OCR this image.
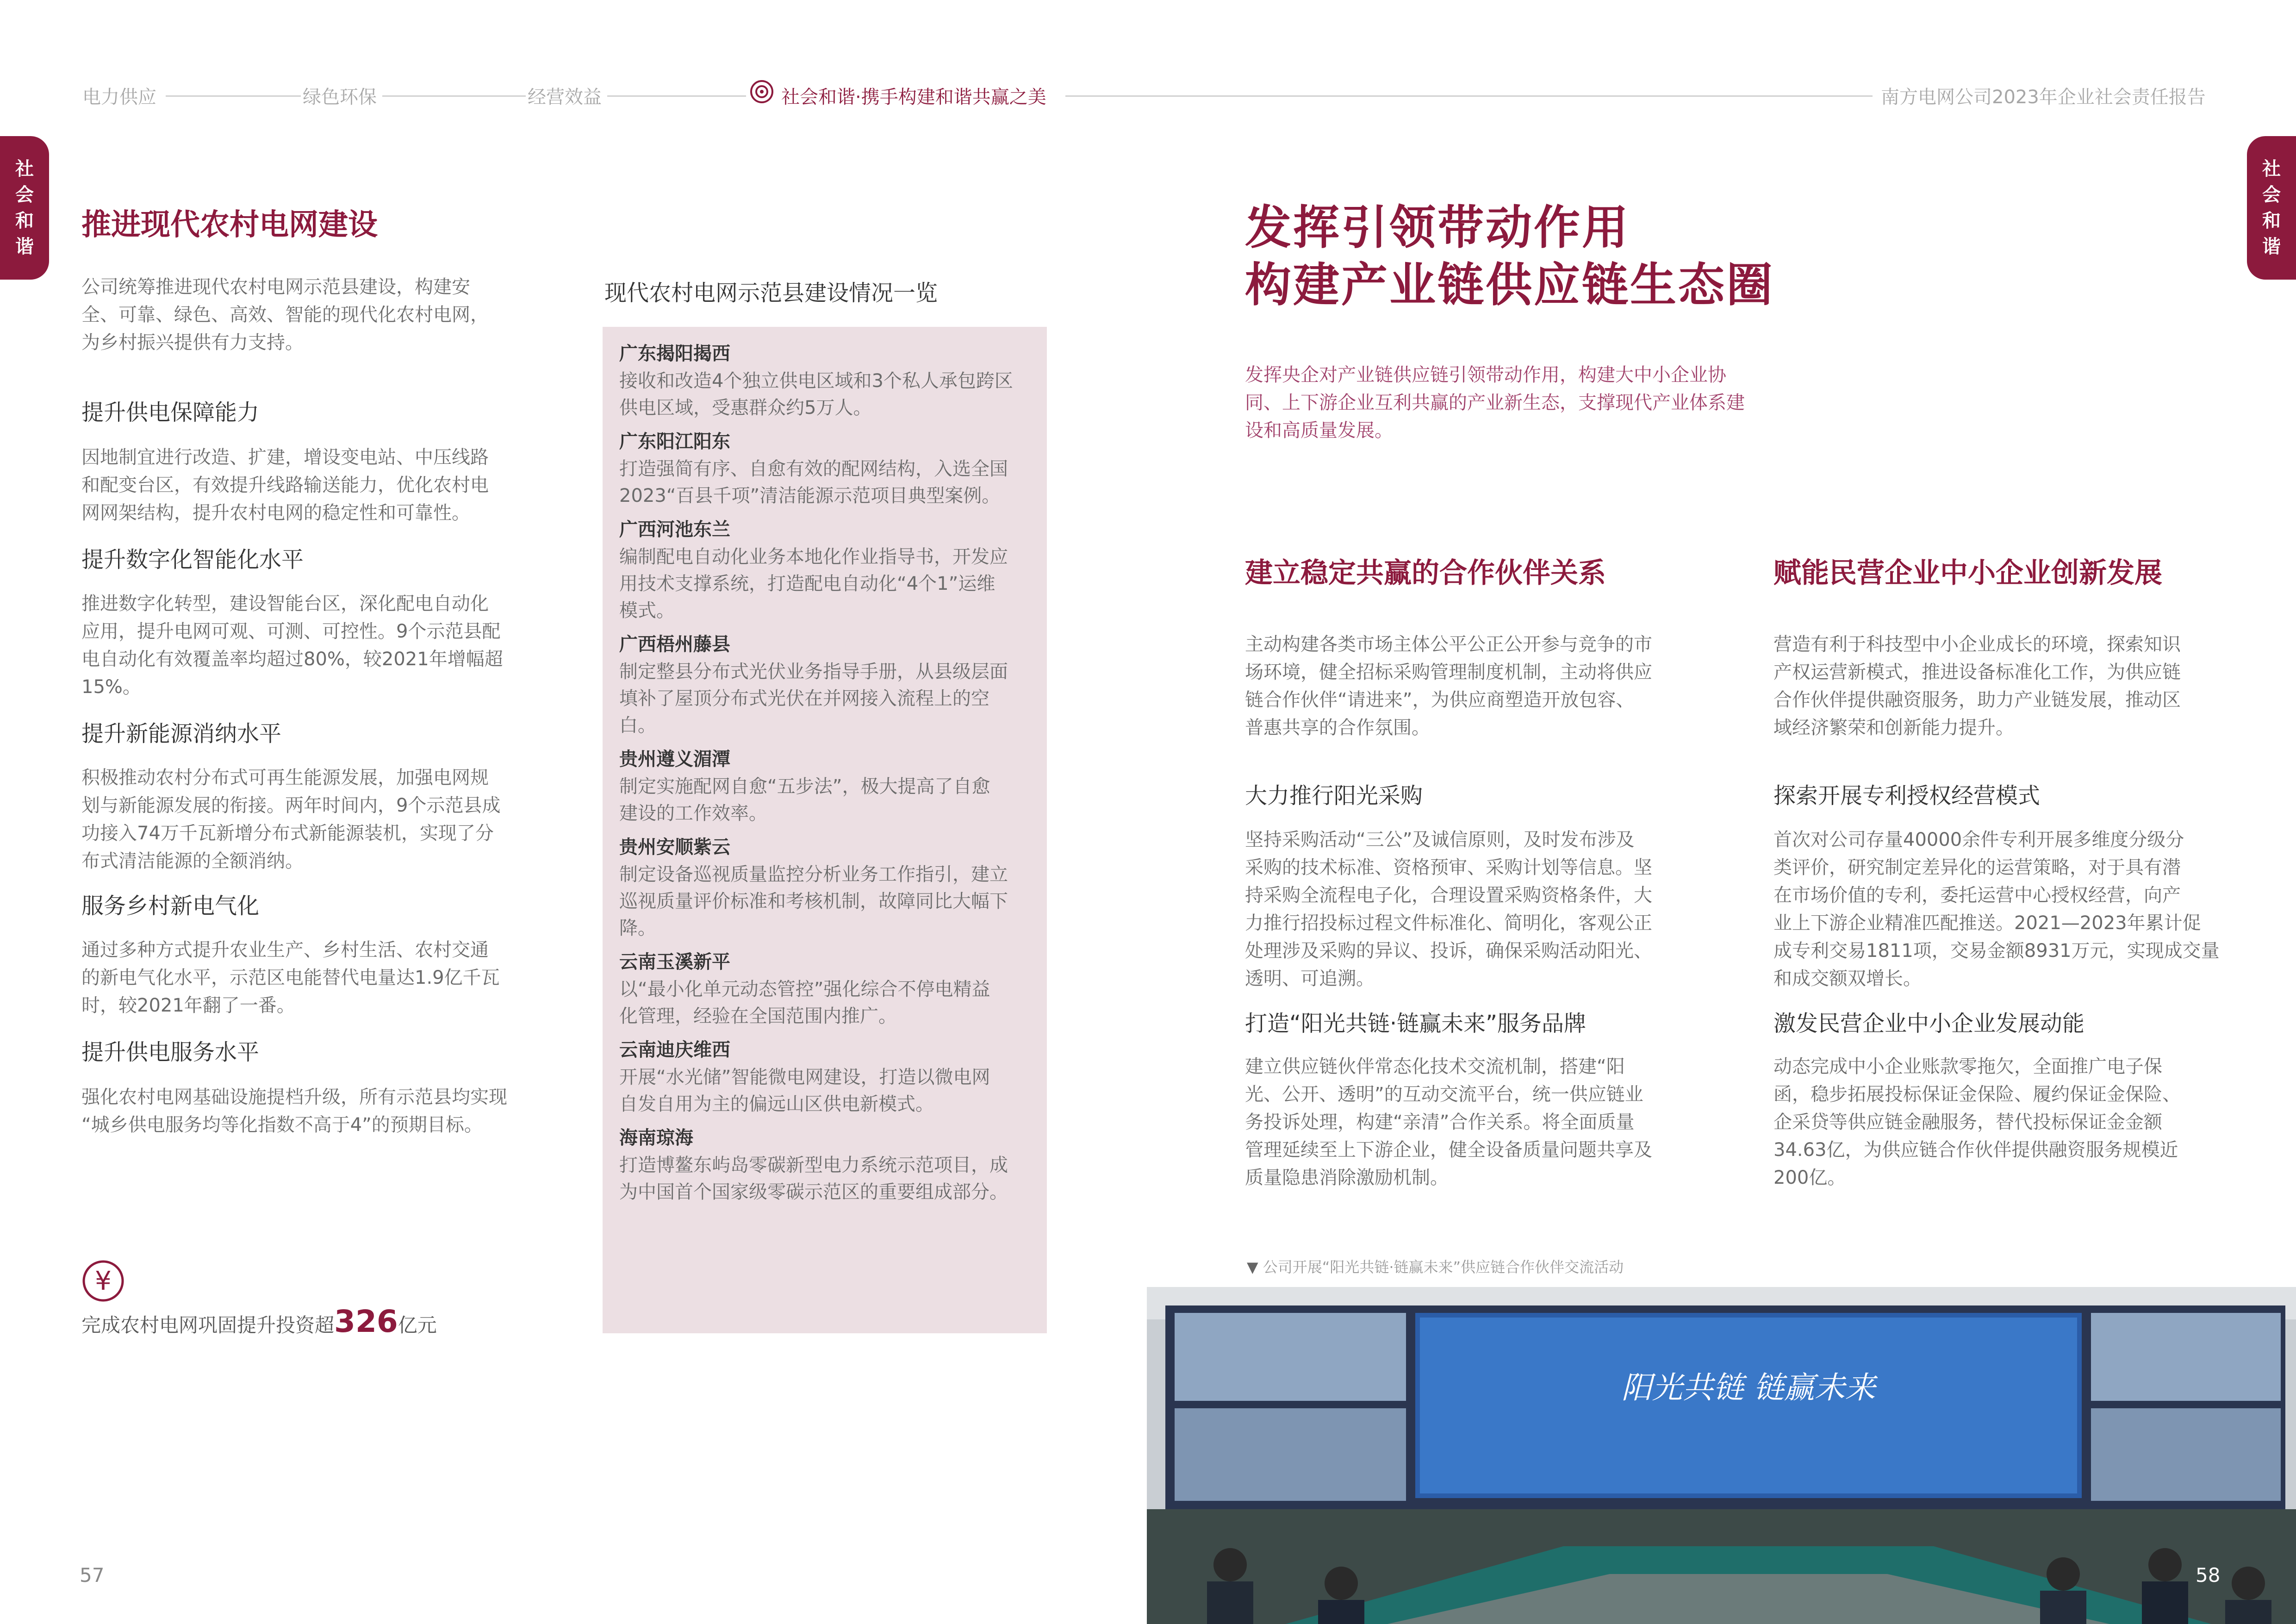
电力供应	绿色环保	经营效益	社会和谐·携手构建和谐共赢之美	南方电网公司2023年企业社会责任报告
社
会
和
谐
社
会
和
谐
推进现代农村电网建设
公司统筹推进现代农村电网示范县建设，构建安
全、可靠、绿色、高效、智能的现代化农村电网，
为乡村振兴提供有力支持。
提升供电保障能力
因地制宜进行改造、扩建，增设变电站、中压线路
和配变台区，有效提升线路输送能力，优化农村电
网网架结构，提升农村电网的稳定性和可靠性。
提升数字化智能化水平
推进数字化转型，建设智能台区，深化配电自动化
应用，提升电网可观、可测、可控性。9个示范县配
电自动化有效覆盖率均超过80%，较2021年增幅超
15%。
提升新能源消纳水平
积极推动农村分布式可再生能源发展，加强电网规
划与新能源发展的衔接。两年时间内，9个示范县成
功接入74万千瓦新增分布式新能源装机，实现了分
布式清洁能源的全额消纳。
服务乡村新电气化
通过多种方式提升农业生产、乡村生活、农村交通
的新电气化水平，示范区电能替代电量达1.9亿千瓦
时，较2021年翻了一番。
提升供电服务水平
强化农村电网基础设施提档升级，所有示范县均实现
“城乡供电服务均等化指数不高于4”的预期目标。
¥
完成农村电网巩固提升投资超326亿元
现代农村电网示范县建设情况一览
广东揭阳揭西
接收和改造4个独立供电区域和3个私人承包跨区
供电区域，受惠群众约5万人。
广东阳江阳东
打造强简有序、自愈有效的配网结构，入选全国
2023“百县千项”清洁能源示范项目典型案例。
广西河池东兰
编制配电自动化业务本地化作业指导书，开发应
用技术支撑系统，打造配电自动化“4个1”运维
模式。
广西梧州藤县
制定整县分布式光伏业务指导手册，从县级层面
填补了屋顶分布式光伏在并网接入流程上的空
白。
贵州遵义湄潭
制定实施配网自愈“五步法”，极大提高了自愈
建设的工作效率。
贵州安顺紫云
制定设备巡视质量监控分析业务工作指引，建立
巡视质量评价标准和考核机制，故障同比大幅下
降。
云南玉溪新平
以“最小化单元动态管控”强化综合不停电精益
化管理，经验在全国范围内推广。
云南迪庆维西
开展“水光储”智能微电网建设，打造以微电网
自发自用为主的偏远山区供电新模式。
海南琼海
打造博鳌东屿岛零碳新型电力系统示范项目，成
为中国首个国家级零碳示范区的重要组成部分。
发挥引领带动作用
构建产业链供应链生态圈
发挥央企对产业链供应链引领带动作用，构建大中小企业协
同、上下游企业互利共赢的产业新生态，支撑现代产业体系建
设和高质量发展。
建立稳定共赢的合作伙伴关系
主动构建各类市场主体公平公正公开参与竞争的市
场环境，健全招标采购管理制度机制，主动将供应
链合作伙伴“请进来”，为供应商塑造开放包容、
普惠共享的合作氛围。
大力推行阳光采购
坚持采购活动“三公”及诚信原则，及时发布涉及
采购的技术标准、资格预审、采购计划等信息。坚
持采购全流程电子化，合理设置采购资格条件，大
力推行招投标过程文件标准化、简明化，客观公正
处理涉及采购的异议、投诉，确保采购活动阳光、
透明、可追溯。
打造“阳光共链·链赢未来”服务品牌
建立供应链伙伴常态化技术交流机制，搭建“阳
光、公开、透明”的互动交流平台，统一供应链业
务投诉处理，构建“亲清”合作关系。将全面质量
管理延续至上下游企业，健全设备质量问题共享及
质量隐患消除激励机制。
赋能民营企业中小企业创新发展
营造有利于科技型中小企业成长的环境，探索知识
产权运营新模式，推进设备标准化工作，为供应链
合作伙伴提供融资服务，助力产业链发展，推动区
域经济繁荣和创新能力提升。
探索开展专利授权经营模式
首次对公司存量40000余件专利开展多维度分级分
类评价，研究制定差异化的运营策略，对于具有潜
在市场价值的专利，委托运营中心授权经营，向产
业上下游企业精准匹配推送。2021—2023年累计促
成专利交易1811项，交易金额8931万元，实现成交量
和成交额双增长。
激发民营企业中小企业发展动能
动态完成中小企业账款零拖欠，全面推广电子保
函，稳步拓展投标保证金保险、履约保证金保险、
企采贷等供应链金融服务，替代投标保证金金额
34.63亿，为供应链合作伙伴提供融资服务规模近
200亿。
▼ 公司开展“阳光共链·链赢未来”供应链合作伙伴交流活动
阳光共链 链赢未来
57	58
